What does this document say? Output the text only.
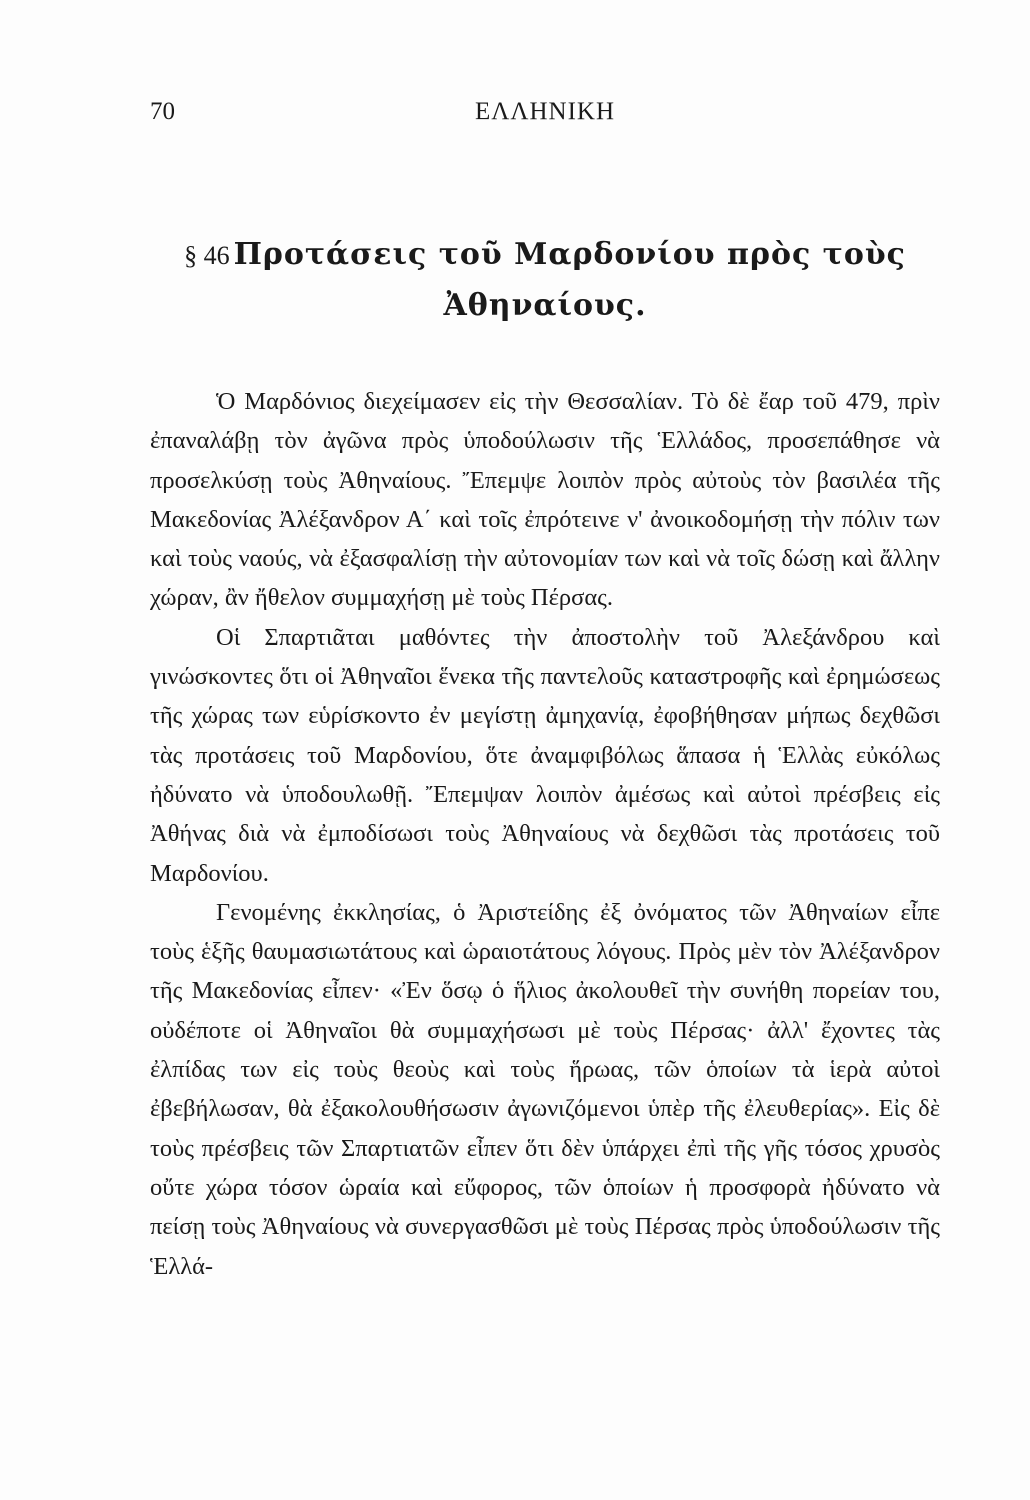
70	ΕΛΛΗΝΙΚΗ
§ 46 Προτάσεις τοῦ Μαρδονίου πρὸς τοὺς Ἀθηναίους.

Ὁ Μαρδόνιος διεχείμασεν εἰς τὴν Θεσσαλίαν. Τὸ δὲ ἔαρ τοῦ 479, πρὶν ἐπαναλάβῃ τὸν ἀγῶνα πρὸς ὑποδούλωσιν τῆς Ἑλλάδος, προσεπάθησε νὰ προσελκύσῃ τοὺς Ἀθηναίους. Ἔπεμψε λοιπὸν πρὸς αὐτοὺς τὸν βασιλέα τῆς Μακεδονίας Ἀλέξανδρον Α΄ καὶ τοῖς ἐπρότεινε ν' ἀνοικοδομήσῃ τὴν πόλιν των καὶ τοὺς ναούς, νὰ ἐξασφαλίσῃ τὴν αὐτονομίαν των καὶ νὰ τοῖς δώσῃ καὶ ἄλλην χώραν, ἂν ἤθελον συμμαχήσῃ μὲ τοὺς Πέρσας.

Οἱ Σπαρτιᾶται μαθόντες τὴν ἀποστολὴν τοῦ Ἀλεξάνδρου καὶ γινώσκοντες ὅτι οἱ Ἀθηναῖοι ἕνεκα τῆς παντελοῦς καταστροφῆς καὶ ἐρημώσεως τῆς χώρας των εὑρίσκοντο ἐν μεγίστῃ ἀμηχανίᾳ, ἐφοβήθησαν μήπως δεχθῶσι τὰς προτάσεις τοῦ Μαρδονίου, ὅτε ἀναμφιβόλως ἅπασα ἡ Ἑλλὰς εὐκόλως ἠδύνατο νὰ ὑποδουλωθῇ. Ἔπεμψαν λοιπὸν ἀμέσως καὶ αὐτοὶ πρέσβεις εἰς Ἀθήνας διὰ νὰ ἐμποδίσωσι τοὺς Ἀθηναίους νὰ δεχθῶσι τὰς προτάσεις τοῦ Μαρδονίου.

Γενομένης ἐκκλησίας, ὁ Ἀριστείδης ἐξ ὀνόματος τῶν Ἀθηναίων εἶπε τοὺς ἑξῆς θαυμασιωτάτους καὶ ὡραιοτάτους λόγους. Πρὸς μὲν τὸν Ἀλέξανδρον τῆς Μακεδονίας εἶπεν· «Ἐν ὅσῳ ὁ ἥλιος ἀκολουθεῖ τὴν συνήθη πορείαν του, οὐδέποτε οἱ Ἀθηναῖοι θὰ συμμαχήσωσι μὲ τοὺς Πέρσας· ἀλλ' ἔχοντες τὰς ἐλπίδας των εἰς τοὺς θεοὺς καὶ τοὺς ἥρωας, τῶν ὁποίων τὰ ἱερὰ αὐτοὶ ἐβεβήλωσαν, θὰ ἐξακολουθήσωσιν ἀγωνιζόμενοι ὑπὲρ τῆς ἐλευθερίας». Εἰς δὲ τοὺς πρέσβεις τῶν Σπαρτιατῶν εἶπεν ὅτι δὲν ὑπάρχει ἐπὶ τῆς γῆς τόσος χρυσὸς οὔτε χώρα τόσον ὡραία καὶ εὔφορος, τῶν ὁποίων ἡ προσφορὰ ἠδύνατο νὰ πείσῃ τοὺς Ἀθηναίους νὰ συνεργασθῶσι μὲ τοὺς Πέρσας πρὸς ὑποδούλωσιν τῆς Ἑλλά-
